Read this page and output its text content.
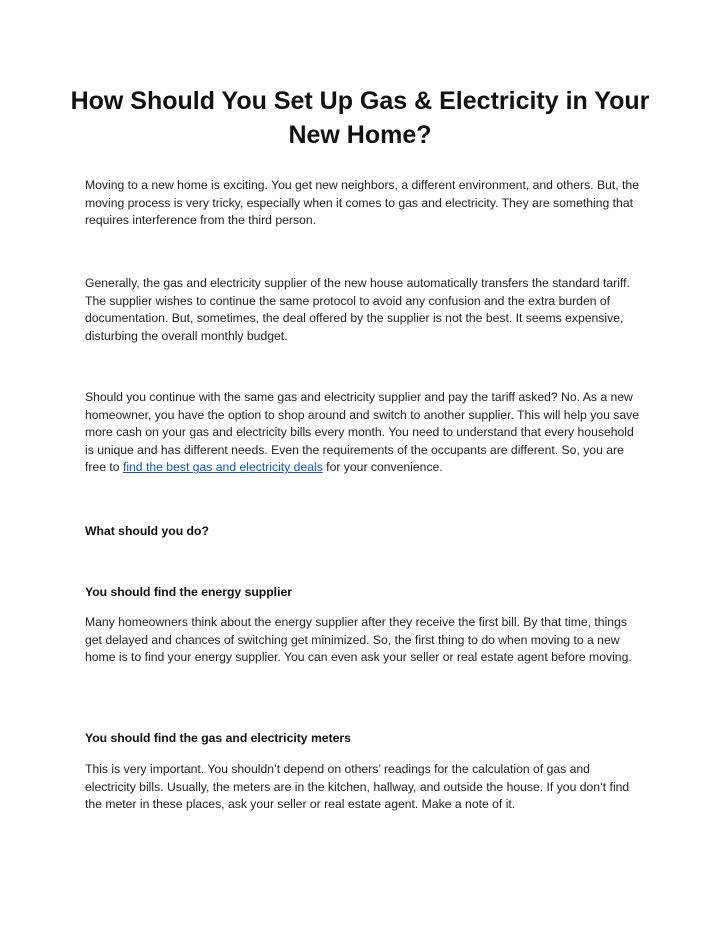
How Should You Set Up Gas & Electricity in Your New Home?

Moving to a new home is exciting. You get new neighbors, a different environment, and others. But, the moving process is very tricky, especially when it comes to gas and electricity. They are something that requires interference from the third person.

Generally, the gas and electricity supplier of the new house automatically transfers the standard tariff. The supplier wishes to continue the same protocol to avoid any confusion and the extra burden of documentation. But, sometimes, the deal offered by the supplier is not the best. It seems expensive, disturbing the overall monthly budget.

Should you continue with the same gas and electricity supplier and pay the tariff asked? No. As a new homeowner, you have the option to shop around and switch to another supplier. This will help you save more cash on your gas and electricity bills every month. You need to understand that every household is unique and has different needs. Even the requirements of the occupants are different. So, you are free to find the best gas and electricity deals for your convenience.

What should you do?

You should find the energy supplier

Many homeowners think about the energy supplier after they receive the first bill. By that time, things get delayed and chances of switching get minimized. So, the first thing to do when moving to a new home is to find your energy supplier. You can even ask your seller or real estate agent before moving.

You should find the gas and electricity meters

This is very important. You shouldn’t depend on others’ readings for the calculation of gas and electricity bills. Usually, the meters are in the kitchen, hallway, and outside the house. If you don’t find the meter in these places, ask your seller or real estate agent. Make a note of it.
